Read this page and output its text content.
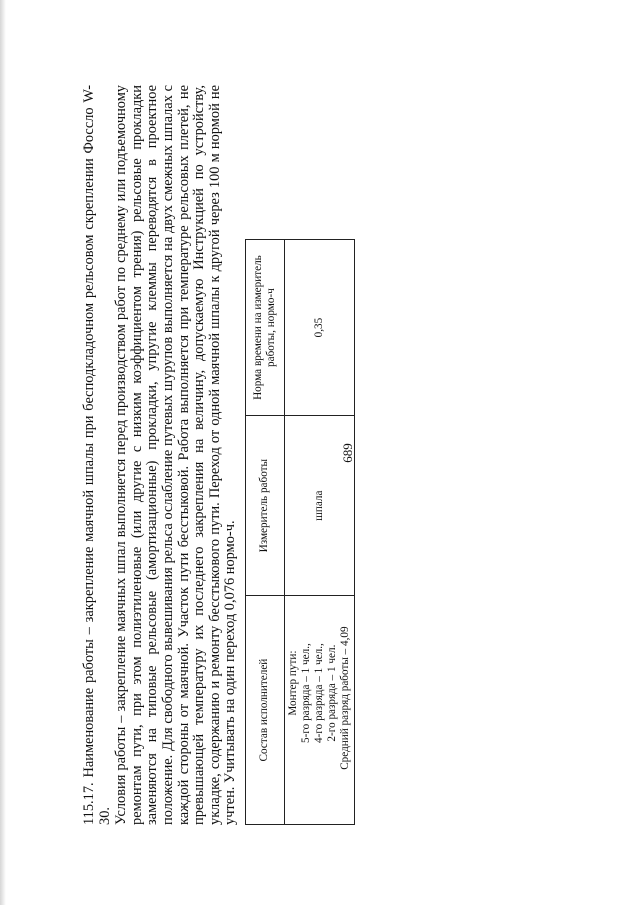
689

115.17. Наименование работы – закрепление маячной шпалы при бесподкладочном рельсовом скреплении Фоссло W-30. Условия работы – закрепление маячных шпал выполняется перед производством работ по среднему или подъемочному ремонтам пути, при этом полиэтиленовые (или другие с низким коэффициентом трения) рельсовые прокладки заменяются на типовые рельсовые (амортизационные) прокладки, упругие клеммы переводятся в проектное положение. Для свободного вывешивания рельса ослабление путевых шурупов выполняется на двух смежных шпалах с каждой стороны от маячной. Участок пути бесстыковой. Работа выполняется при температуре рельсовых плетей, не превышающей температуру их последнего закрепления на величину, допускаемую Инструкцией по устройству, укладке, содержанию и ремонту бесстыкового пути. Переход от одной маячной шпалы к другой через 100 м нормой не учтен. Учитывать на один переход 0,076 нормо-ч. Состав исполнителей	Измеритель работы	Норма времени на измеритель работы, нормо-ч

Монтер пути: 5-го разряда – 1 чел., 4-го разряда – 1 чел., 2-го разряда – 1 чел. Средний разряд работы – 4,09	шпала	0,35
